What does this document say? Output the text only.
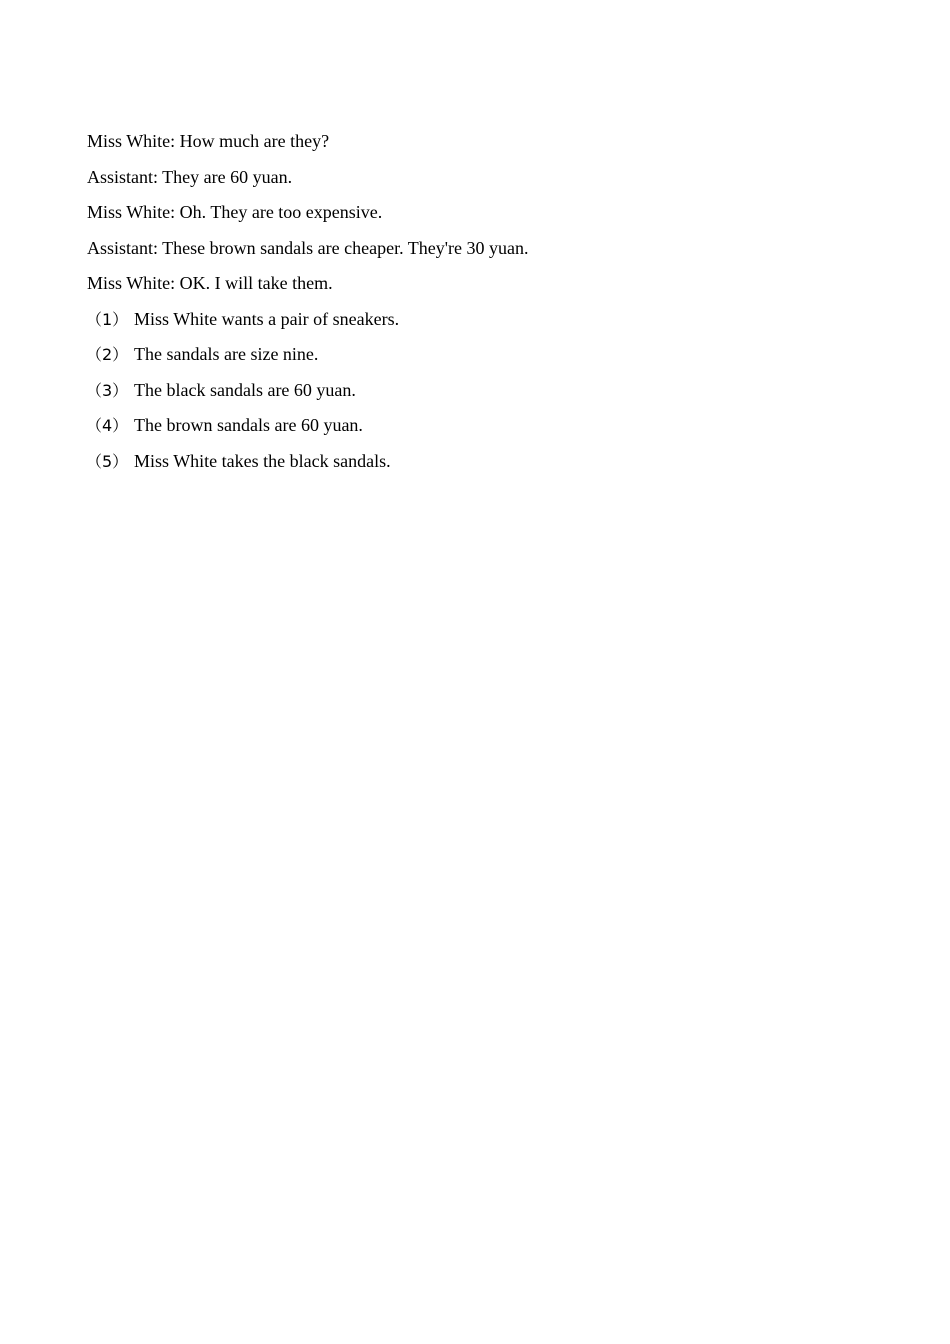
Miss White: How much are they?
Assistant: They are 60 yuan.
Miss White: Oh. They are too expensive.
Assistant: These brown sandals are cheaper. They're 30 yuan.
Miss White: OK. I will take them.
（1） Miss White wants a pair of sneakers.
（2） The sandals are size nine.
（3） The black sandals are 60 yuan.
（4） The brown sandals are 60 yuan.
（5） Miss White takes the black sandals.
